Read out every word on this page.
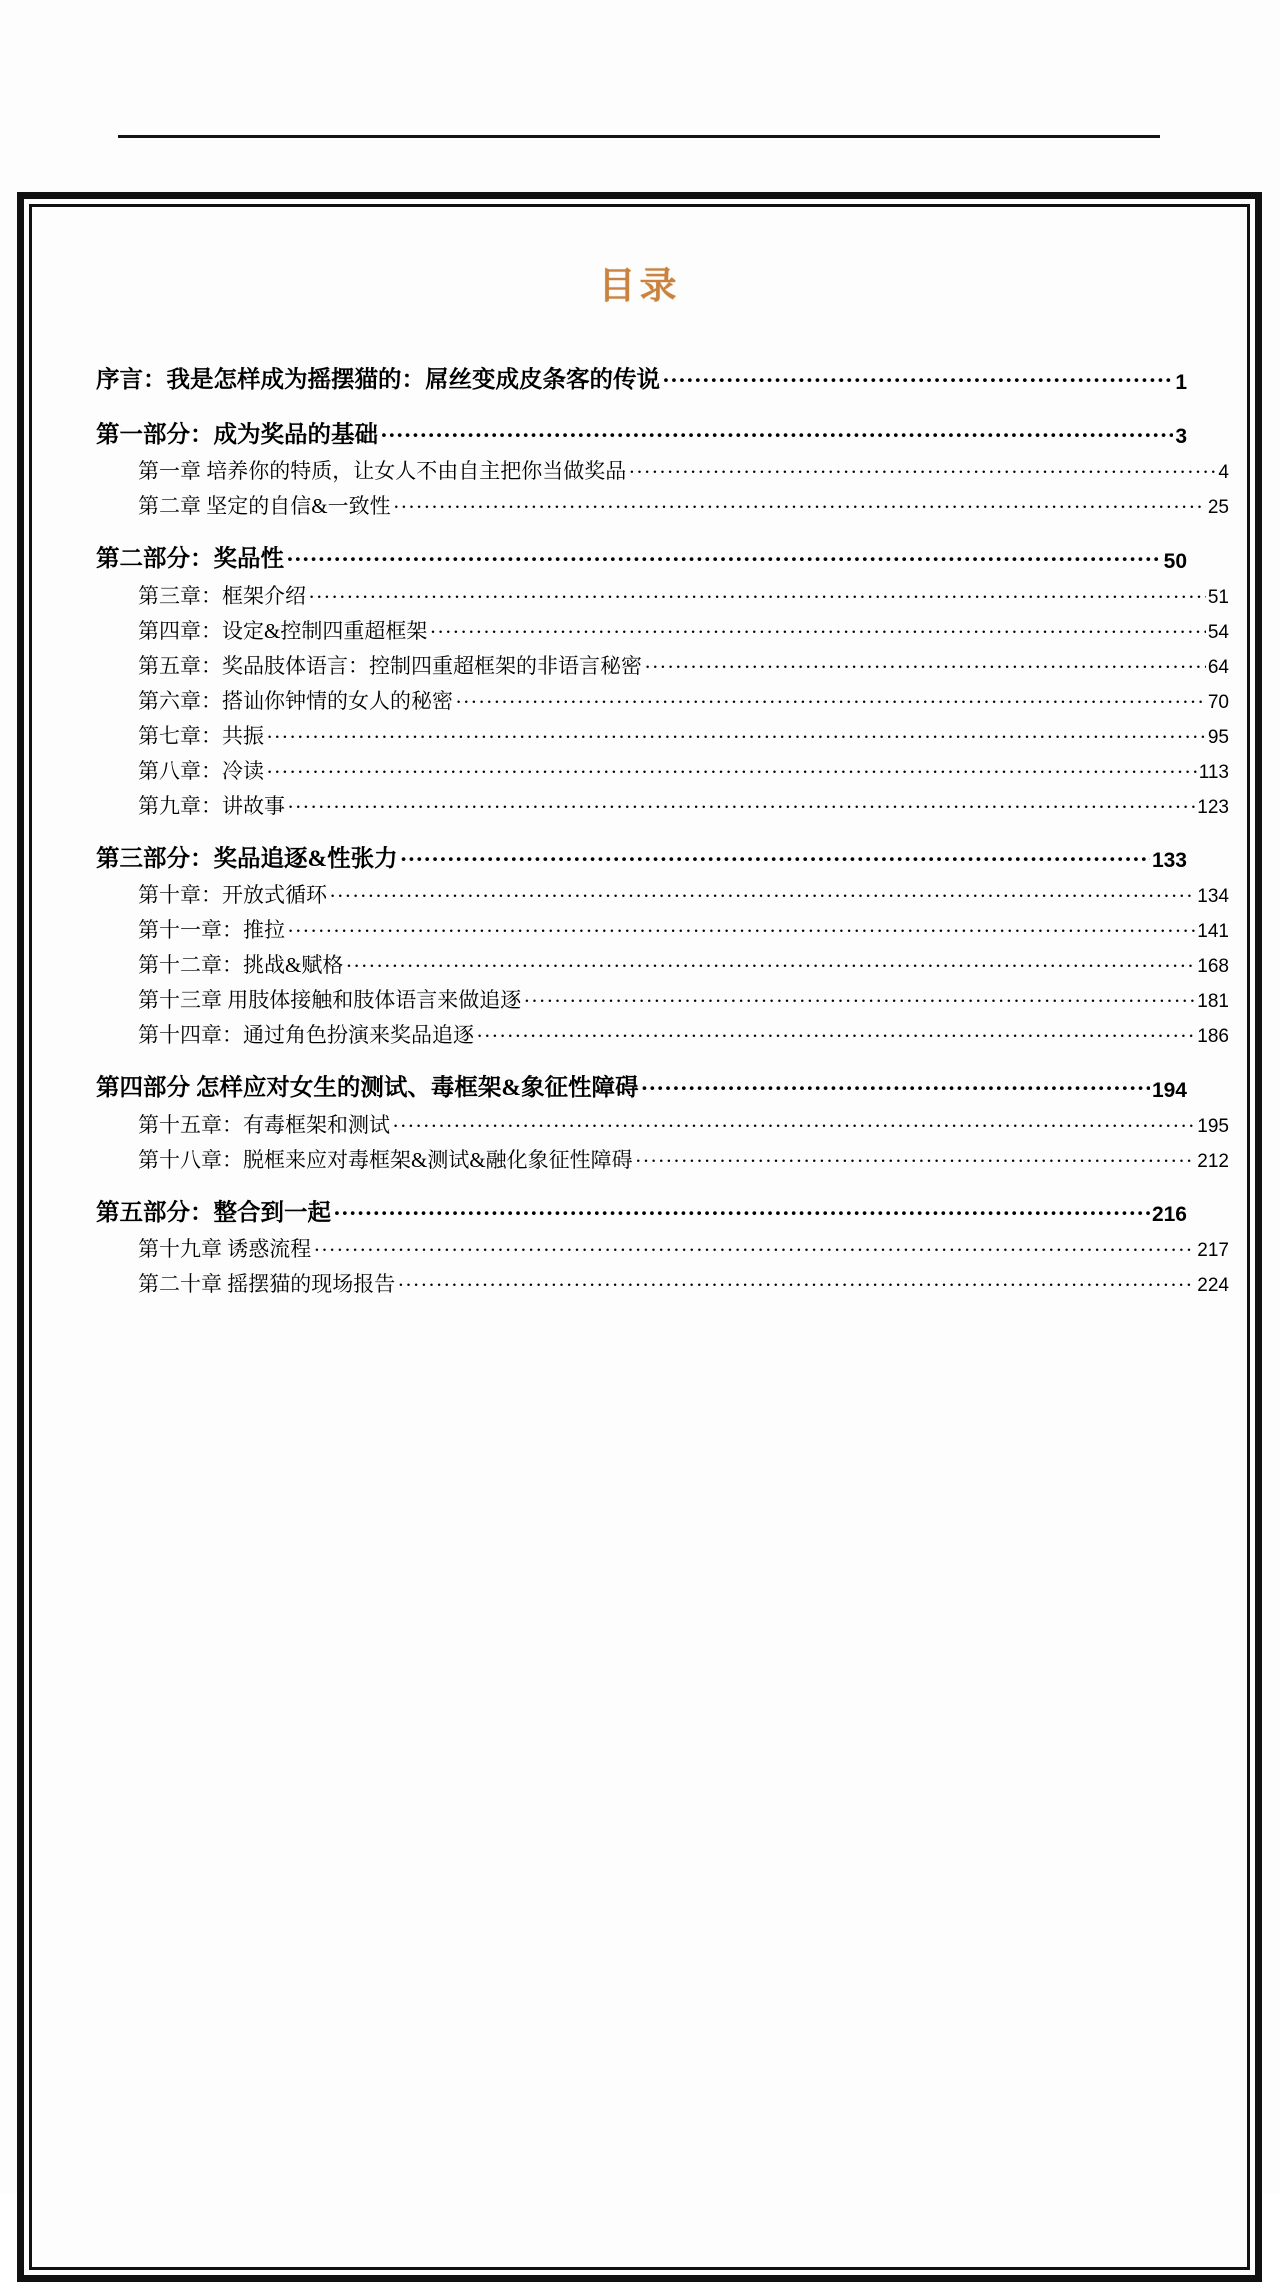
目录
序言：我是怎样成为摇摆猫的：屌丝变成皮条客的传说 .....	1
第一部分：成为奖品的基础 .....	3
第一章 培养你的特质，让女人不由自主把你当做奖品 .....	4
第二章 坚定的自信&一致性 .....	25
第二部分：奖品性 .....	50
第三章：框架介绍 .....	51
第四章：设定&控制四重超框架 .....	54
第五章：奖品肢体语言：控制四重超框架的非语言秘密 .....	64
第六章：搭讪你钟情的女人的秘密 .....	70
第七章：共振 .....	95
第八章：冷读 .....	113
第九章：讲故事 .....	123
第三部分：奖品追逐&性张力 .....	133
第十章：开放式循环 .....	134
第十一章：推拉 .....	141
第十二章：挑战&赋格 .....	168
第十三章 用肢体接触和肢体语言来做追逐 .....	181
第十四章：通过角色扮演来奖品追逐 .....	186
第四部分 怎样应对女生的测试、毒框架&象征性障碍 .....	194
第十五章：有毒框架和测试 .....	195
第十八章：脱框来应对毒框架&测试&融化象征性障碍 .....	212
第五部分：整合到一起 .....	216
第十九章 诱惑流程 .....	217
第二十章 摇摆猫的现场报告 .....	224
